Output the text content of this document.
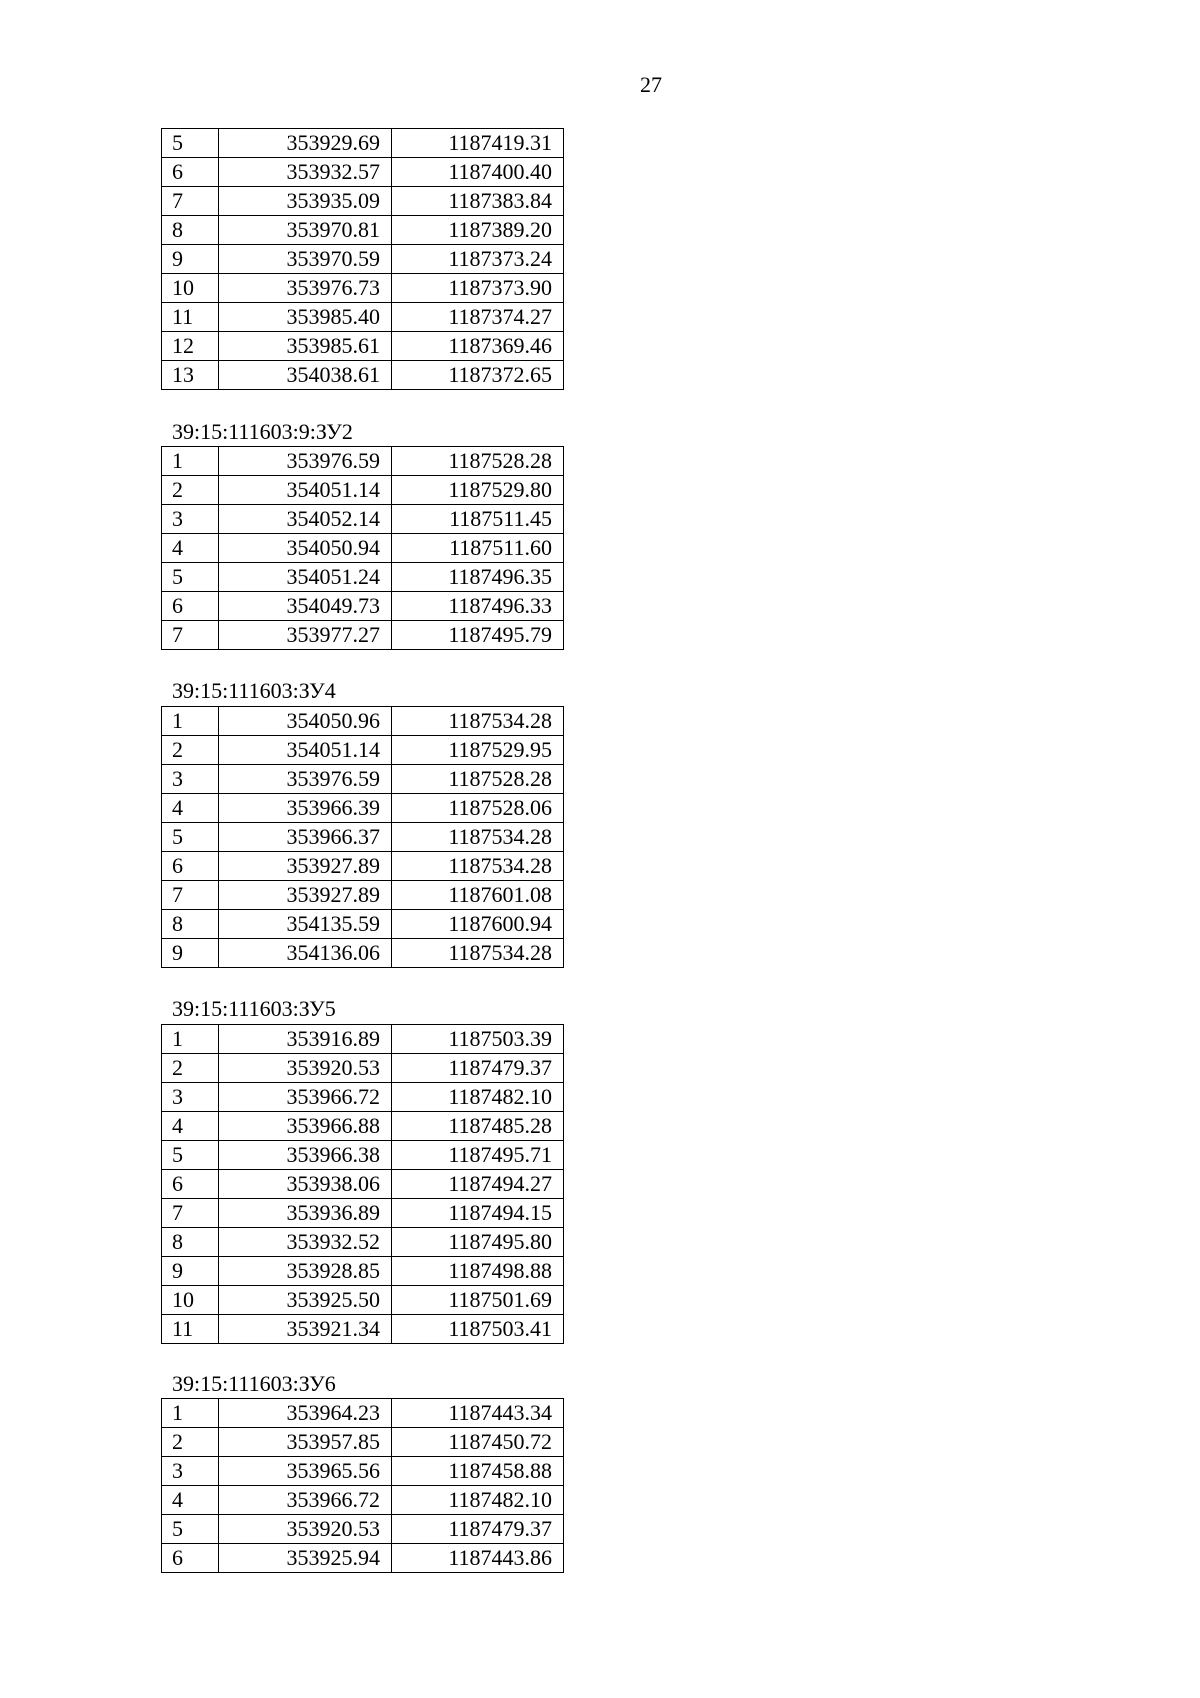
27
5	353929.69	1187419.31
6	353932.57	1187400.40
7	353935.09	1187383.84
8	353970.81	1187389.20
9	353970.59	1187373.24
10	353976.73	1187373.90
11	353985.40	1187374.27
12	353985.61	1187369.46
13	354038.61	1187372.65
39:15:111603:9:ЗУ2
1	353976.59	1187528.28
2	354051.14	1187529.80
3	354052.14	1187511.45
4	354050.94	1187511.60
5	354051.24	1187496.35
6	354049.73	1187496.33
7	353977.27	1187495.79
39:15:111603:ЗУ4
1	354050.96	1187534.28
2	354051.14	1187529.95
3	353976.59	1187528.28
4	353966.39	1187528.06
5	353966.37	1187534.28
6	353927.89	1187534.28
7	353927.89	1187601.08
8	354135.59	1187600.94
9	354136.06	1187534.28
39:15:111603:ЗУ5
1	353916.89	1187503.39
2	353920.53	1187479.37
3	353966.72	1187482.10
4	353966.88	1187485.28
5	353966.38	1187495.71
6	353938.06	1187494.27
7	353936.89	1187494.15
8	353932.52	1187495.80
9	353928.85	1187498.88
10	353925.50	1187501.69
11	353921.34	1187503.41
39:15:111603:ЗУ6
1	353964.23	1187443.34
2	353957.85	1187450.72
3	353965.56	1187458.88
4	353966.72	1187482.10
5	353920.53	1187479.37
6	353925.94	1187443.86
